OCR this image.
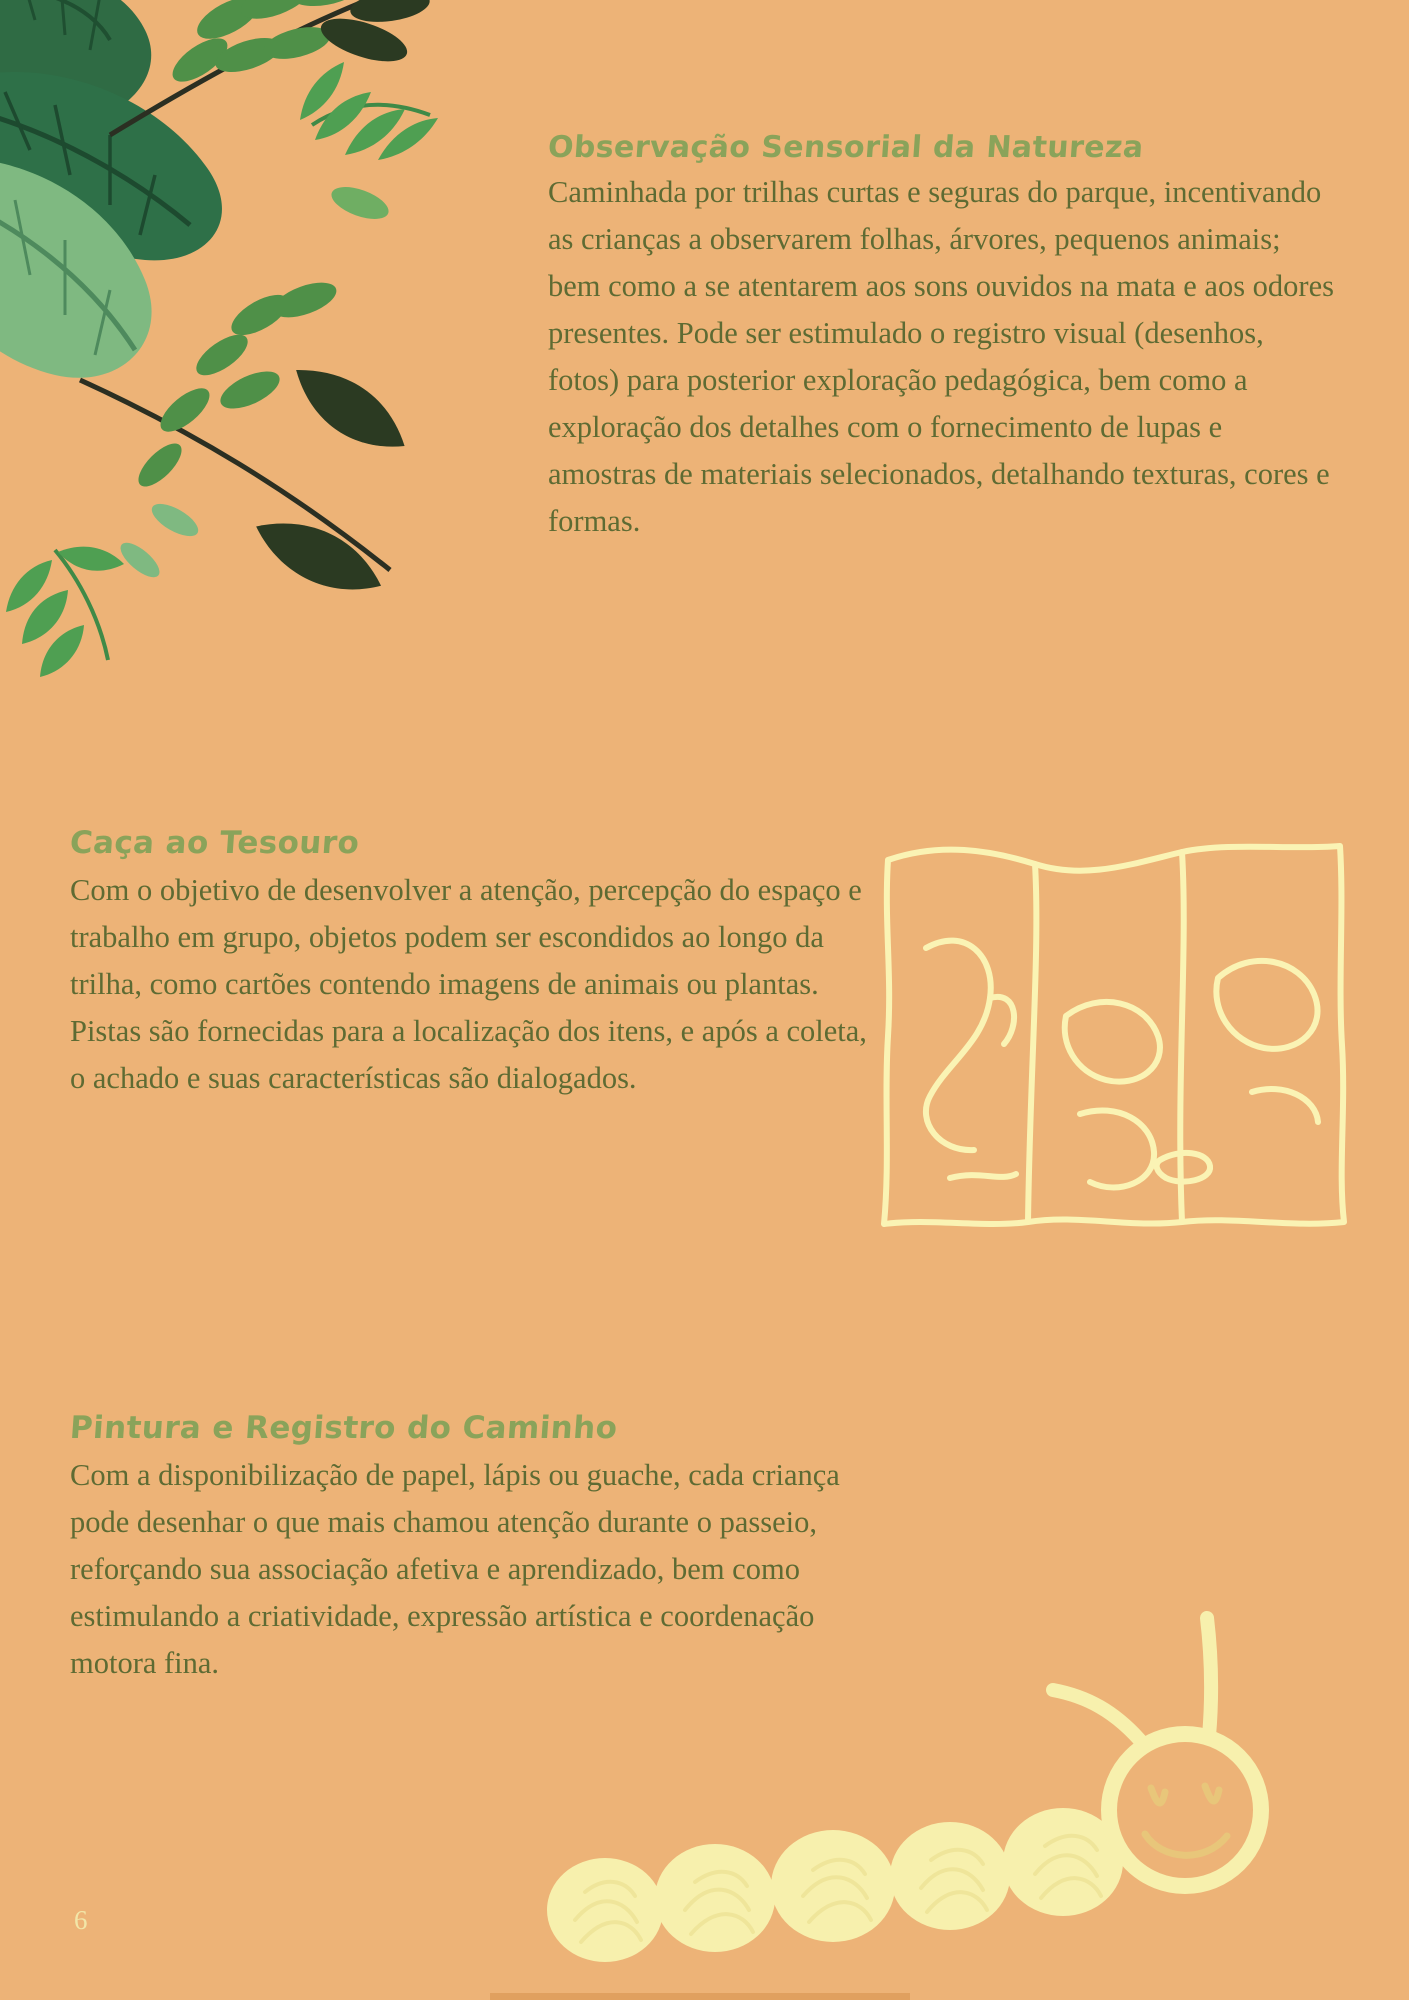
Observação Sensorial da Natureza

Caminhada por trilhas curtas e seguras do parque, incentivando as crianças a observarem folhas, árvores, pequenos animais; bem como a se atentarem aos sons ouvidos na mata e aos odores presentes. Pode ser estimulado o registro visual (desenhos, fotos) para posterior exploração pedagógica, bem como a exploração dos detalhes com o fornecimento de lupas e amostras de materiais selecionados, detalhando texturas, cores e formas.

Caça ao Tesouro

Com o objetivo de desenvolver a atenção, percepção do espaço e trabalho em grupo, objetos podem ser escondidos ao longo da trilha, como cartões contendo imagens de animais ou plantas. Pistas são fornecidas para a localização dos itens, e após a coleta, o achado e suas características são dialogados.

Pintura e Registro do Caminho

Com a disponibilização de papel, lápis ou guache, cada criança pode desenhar o que mais chamou atenção durante o passeio, reforçando sua associação afetiva e aprendizado, bem como estimulando a criatividade, expressão artística e coordenação motora fina.

6
